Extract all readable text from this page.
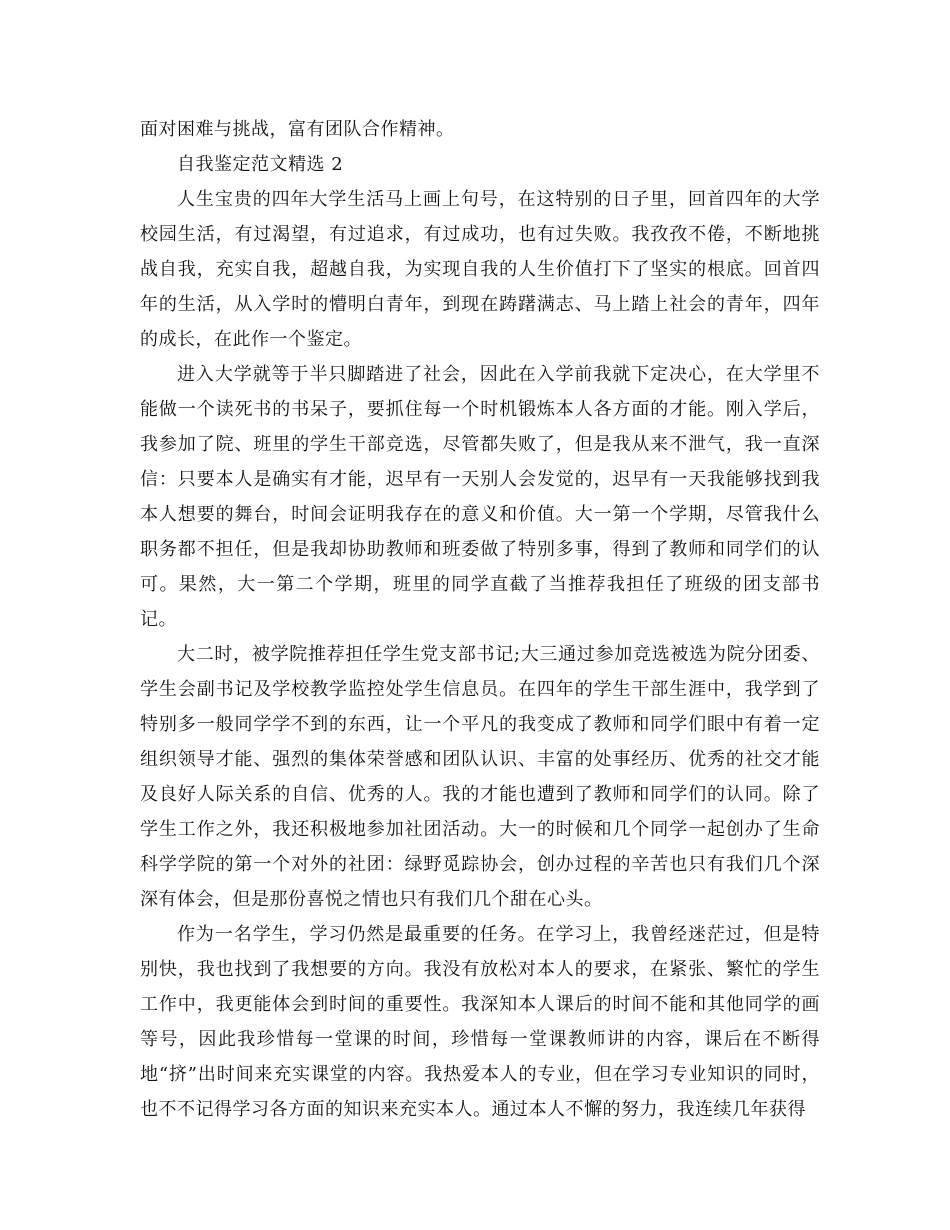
面对困难与挑战，富有团队合作精神。

自我鉴定范文精选 2

人生宝贵的四年大学生活马上画上句号，在这特别的日子里，回首四年的大学校园生活，有过渴望，有过追求，有过成功，也有过失败。我孜孜不倦，不断地挑战自我，充实自我，超越自我，为实现自我的人生价值打下了坚实的根底。回首四年的生活，从入学时的懵明白青年，到现在踌躇满志、马上踏上社会的青年，四年的成长，在此作一个鉴定。

进入大学就等于半只脚踏进了社会，因此在入学前我就下定决心，在大学里不能做一个读死书的书呆子，要抓住每一个时机锻炼本人各方面的才能。刚入学后，我参加了院、班里的学生干部竞选，尽管都失败了，但是我从来不泄气，我一直深信：只要本人是确实有才能，迟早有一天别人会发觉的，迟早有一天我能够找到我本人想要的舞台，时间会证明我存在的意义和价值。大一第一个学期，尽管我什么职务都不担任，但是我却协助教师和班委做了特别多事，得到了教师和同学们的认可。果然，大一第二个学期，班里的同学直截了当推荐我担任了班级的团支部书记。

大二时，被学院推荐担任学生党支部书记;大三通过参加竞选被选为院分团委、学生会副书记及学校教学监控处学生信息员。在四年的学生干部生涯中，我学到了特别多一般同学学不到的东西，让一个平凡的我变成了教师和同学们眼中有着一定组织领导才能、强烈的集体荣誉感和团队认识、丰富的处事经历、优秀的社交才能及良好人际关系的自信、优秀的人。我的才能也遭到了教师和同学们的认同。除了学生工作之外，我还积极地参加社团活动。大一的时候和几个同学一起创办了生命科学学院的第一个对外的社团：绿野觅踪协会，创办过程的辛苦也只有我们几个深深有体会，但是那份喜悦之情也只有我们几个甜在心头。

作为一名学生，学习仍然是最重要的任务。在学习上，我曾经迷茫过，但是特别快，我也找到了我想要的方向。我没有放松对本人的要求，在紧张、繁忙的学生工作中，我更能体会到时间的重要性。我深知本人课后的时间不能和其他同学的画等号，因此我珍惜每一堂课的时间，珍惜每一堂课教师讲的内容，课后在不断得地“挤”出时间来充实课堂的内容。我热爱本人的专业，但在学习专业知识的同时，也不不记得学习各方面的知识来充实本人。通过本人不懈的努力，我连续几年获得
